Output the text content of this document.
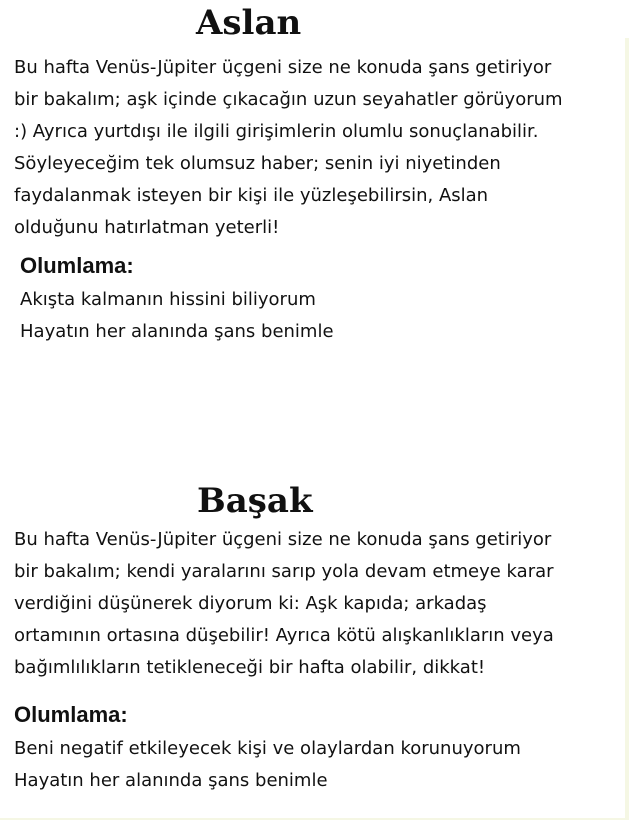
Aslan
Bu hafta Venüs-Jüpiter üçgeni size ne konuda şans getiriyor
bir bakalım; aşk içinde çıkacağın uzun seyahatler görüyorum
:) Ayrıca yurtdışı ile ilgili girişimlerin olumlu sonuçlanabilir.
Söyleyeceğim tek olumsuz haber; senin iyi niyetinden
faydalanmak isteyen bir kişi ile yüzleşebilirsin, Aslan
olduğunu hatırlatman yeterli!
Olumlama:
Akışta kalmanın hissini biliyorum
Hayatın her alanında şans benimle
Başak
Bu hafta Venüs-Jüpiter üçgeni size ne konuda şans getiriyor
bir bakalım; kendi yaralarını sarıp yola devam etmeye karar
verdiğini düşünerek diyorum ki: Aşk kapıda; arkadaş
ortamının ortasına düşebilir! Ayrıca kötü alışkanlıkların veya
bağımlılıkların tetikleneceği bir hafta olabilir, dikkat!
Olumlama:
Beni negatif etkileyecek kişi ve olaylardan korunuyorum
Hayatın her alanında şans benimle
